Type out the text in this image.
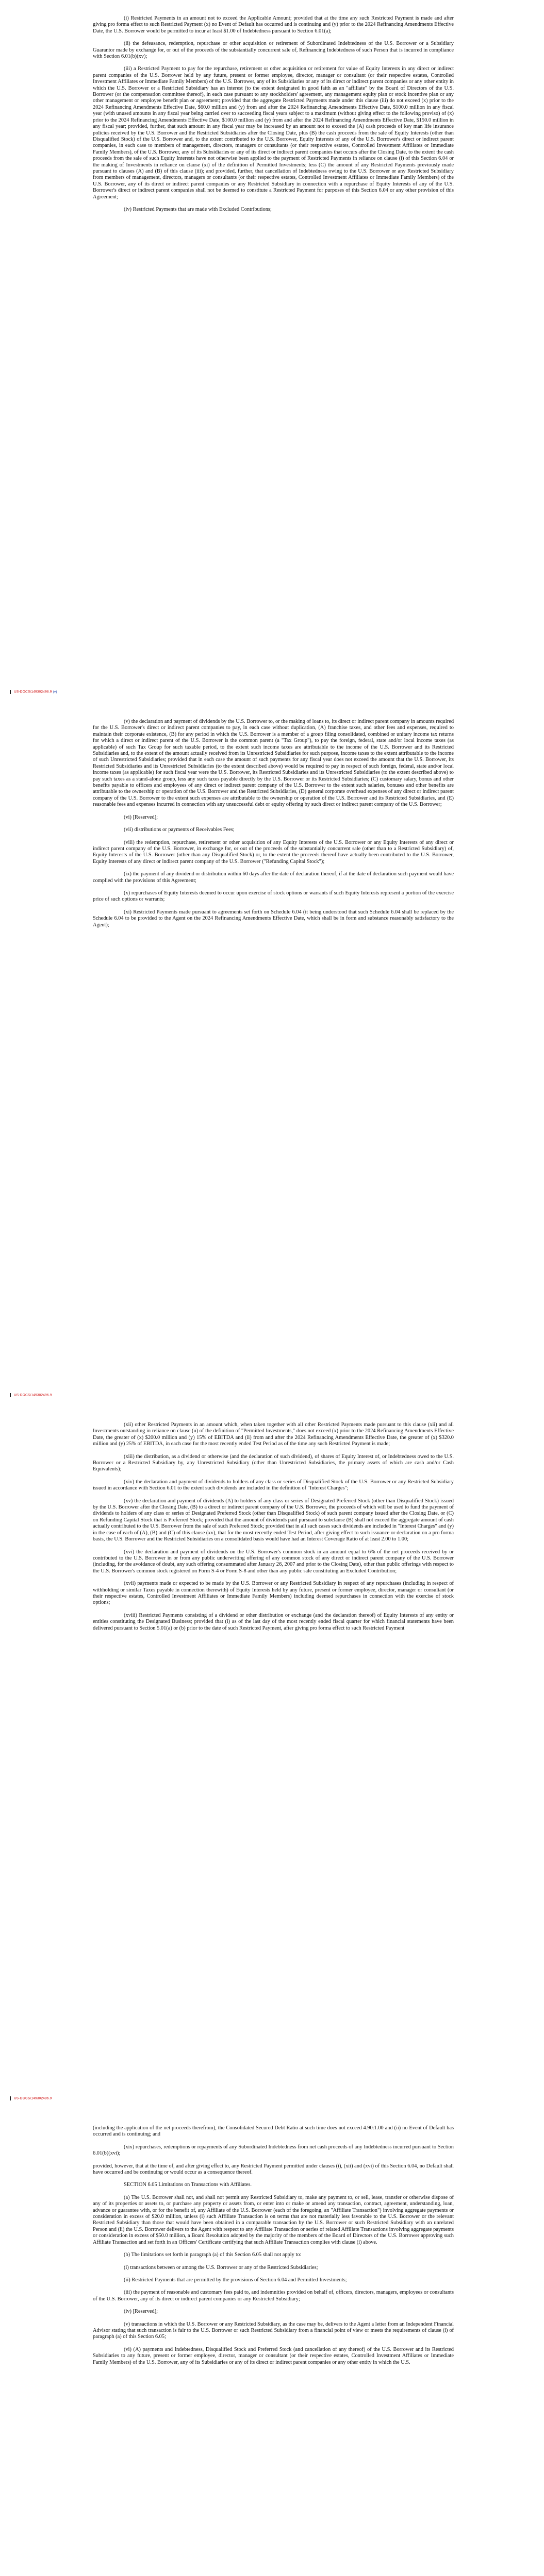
(i) Restricted Payments in an amount not to exceed the Applicable Amount; provided that at the time any such Restricted Payment is made and after giving pro forma effect to such Restricted Payment (x) no Event of Default has occurred and is continuing and (y) prior to the 2024 Refinancing Amendments Effective Date, the U.S. Borrower would be permitted to incur at least $1.00 of Indebtedness pursuant to Section 6.01(a);

(ii) the defeasance, redemption, repurchase or other acquisition or retirement of Subordinated Indebtedness of the U.S. Borrower or a Subsidiary Guarantor made by exchange for, or out of the proceeds of the substantially concurrent sale of, Refinancing Indebtedness of such Person that is incurred in compliance with Section 6.01(b)(xv);

(iii) a Restricted Payment to pay for the repurchase, retirement or other acquisition or retirement for value of Equity Interests in any direct or indirect parent companies of the U.S. Borrower held by any future, present or former employee, director, manager or consultant (or their respective estates, Controlled Investment Affiliates or Immediate Family Members) of the U.S. Borrower, any of its Subsidiaries or any of its direct or indirect parent companies or any other entity in which the U.S. Borrower or a Restricted Subsidiary has an interest (to the extent designated in good faith as an "affiliate" by the Board of Directors of the U.S. Borrower (or the compensation committee thereof), in each case pursuant to any stockholders' agreement, any management equity plan or stock incentive plan or any other management or employee benefit plan or agreement; provided that the aggregate Restricted Payments made under this clause (iii) do not exceed (x) prior to the 2024 Refinancing Amendments Effective Date, $60.0 million and (y) from and after the 2024 Refinancing Amendments Effective Date, $100.0 million in any fiscal year (with unused amounts in any fiscal year being carried over to succeeding fiscal years subject to a maximum (without giving effect to the following proviso) of (x) prior to the 2024 Refinancing Amendments Effective Date, $100.0 million and (y) from and after the 2024 Refinancing Amendments Effective Date, $150.0 million in any fiscal year; provided, further, that such amount in any fiscal year may be increased by an amount not to exceed the (A) cash proceeds of key man life insurance policies received by the U.S. Borrower and the Restricted Subsidiaries after the Closing Date, plus (B) the cash proceeds from the sale of Equity Interests (other than Disqualified Stock) of the U.S. Borrower and, to the extent contributed to the U.S. Borrower, Equity Interests of any of the U.S. Borrower's direct or indirect parent companies, in each case to members of management, directors, managers or consultants (or their respective estates, Controlled Investment Affiliates or Immediate Family Members), of the U.S. Borrower, any of its Subsidiaries or any of its direct or indirect parent companies that occurs after the Closing Date, to the extent the cash proceeds from the sale of such Equity Interests have not otherwise been applied to the payment of Restricted Payments in reliance on clause (i) of this Section 6.04 or the making of Investments in reliance on clause (xi) of the definition of Permitted Investments; less (C) the amount of any Restricted Payments previously made pursuant to clauses (A) and (B) of this clause (iii); and provided, further, that cancellation of Indebtedness owing to the U.S. Borrower or any Restricted Subsidiary from members of management, directors, managers or consultants (or their respective estates, Controlled Investment Affiliates or Immediate Family Members) of the U.S. Borrower, any of its direct or indirect parent companies or any Restricted Subsidiary in connection with a repurchase of Equity Interests of any of the U.S. Borrower's direct or indirect parent companies shall not be deemed to constitute a Restricted Payment for purposes of this Section 6.04 or any other provision of this Agreement;

(iv) Restricted Payments that are made with Excluded Contributions;

US-DOCS\149302496.9 (v)

(v) the declaration and payment of dividends by the U.S. Borrower to, or the making of loans to, its direct or indirect parent company in amounts required for the U.S. Borrower's direct or indirect parent companies to pay, in each case without duplication, (A) franchise taxes, and other fees and expenses, required to maintain their corporate existence, (B) for any period in which the U.S. Borrower is a member of a group filing consolidated, combined or unitary income tax returns for which a direct or indirect parent of the U.S. Borrower is the common parent (a "Tax Group"), to pay the foreign, federal, state and/or local income taxes (as applicable) of such Tax Group for such taxable period, to the extent such income taxes are attributable to the income of the U.S. Borrower and its Restricted Subsidiaries and, to the extent of the amount actually received from its Unrestricted Subsidiaries for such purpose, income taxes to the extent attributable to the income of such Unrestricted Subsidiaries; provided that in each case the amount of such payments for any fiscal year does not exceed the amount that the U.S. Borrower, its Restricted Subsidiaries and its Unrestricted Subsidiaries (to the extent described above) would be required to pay in respect of such foreign, federal, state and/or local income taxes (as applicable) for such fiscal year were the U.S. Borrower, its Restricted Subsidiaries and its Unrestricted Subsidiaries (to the extent described above) to pay such taxes as a stand-alone group, less any such taxes payable directly by the U.S. Borrower or its Restricted Subsidiaries; (C) customary salary, bonus and other benefits payable to officers and employees of any direct or indirect parent company of the U.S. Borrower to the extent such salaries, bonuses and other benefits are attributable to the ownership or operation of the U.S. Borrower and the Restricted Subsidiaries, (D) general corporate overhead expenses of any direct or indirect parent company of the U.S. Borrower to the extent such expenses are attributable to the ownership or operation of the U.S. Borrower and its Restricted Subsidiaries, and (E) reasonable fees and expenses incurred in connection with any unsuccessful debt or equity offering by such direct or indirect parent company of the U.S. Borrower;

(vi) [Reserved];

(vii) distributions or payments of Receivables Fees;

(viii) the redemption, repurchase, retirement or other acquisition of any Equity Interests of the U.S. Borrower or any Equity Interests of any direct or indirect parent company of the U.S. Borrower, in exchange for, or out of the proceeds of the substantially concurrent sale (other than to a Restricted Subsidiary) of, Equity Interests of the U.S. Borrower (other than any Disqualified Stock) or, to the extent the proceeds thereof have actually been contributed to the U.S. Borrower, Equity Interests of any direct or indirect parent company of the U.S. Borrower ("Refunding Capital Stock");

(ix) the payment of any dividend or distribution within 60 days after the date of declaration thereof, if at the date of declaration such payment would have complied with the provisions of this Agreement;

(x) repurchases of Equity Interests deemed to occur upon exercise of stock options or warrants if such Equity Interests represent a portion of the exercise price of such options or warrants;

(xi) Restricted Payments made pursuant to agreements set forth on Schedule 6.04 (it being understood that such Schedule 6.04 shall be replaced by the Schedule 6.04 to be provided to the Agent on the 2024 Refinancing Amendments Effective Date, which shall be in form and substance reasonably satisfactory to the Agent);

US-DOCS\149302496.9

(xii) other Restricted Payments in an amount which, when taken together with all other Restricted Payments made pursuant to this clause (xii) and all Investments outstanding in reliance on clause (u) of the definition of "Permitted Investments," does not exceed (x) prior to the 2024 Refinancing Amendments Effective Date, the greater of (x) $200.0 million and (y) 15% of EBITDA and (ii) from and after the 2024 Refinancing Amendments Effective Date, the greater of (x) $320.0 million and (y) 25% of EBITDA, in each case for the most recently ended Test Period as of the time any such Restricted Payment is made;

(xiii) the distribution, as a dividend or otherwise (and the declaration of such dividend), of shares of Equity Interest of, or Indebtedness owed to the U.S. Borrower or a Restricted Subsidiary by, any Unrestricted Subsidiary (other than Unrestricted Subsidiaries, the primary assets of which are cash and/or Cash Equivalents);

(xiv) the declaration and payment of dividends to holders of any class or series of Disqualified Stock of the U.S. Borrower or any Restricted Subsidiary issued in accordance with Section 6.01 to the extent such dividends are included in the definition of "Interest Charges";

(xv) the declaration and payment of dividends (A) to holders of any class or series of Designated Preferred Stock (other than Disqualified Stock) issued by the U.S. Borrower after the Closing Date, (B) to a direct or indirect parent company of the U.S. Borrower, the proceeds of which will be used to fund the payment of dividends to holders of any class or series of Designated Preferred Stock (other than Disqualified Stock) of such parent company issued after the Closing Date, or (C) on Refunding Capital Stock that is Preferred Stock; provided that the amount of dividends paid pursuant to subclause (B) shall not exceed the aggregate amount of cash actually contributed to the U.S. Borrower from the sale of such Preferred Stock; provided that in all such cases such dividends are included in "Interest Charges" and (y) in the case of each of (A), (B) and (C) of this clause (xv), that for the most recently ended Test Period, after giving effect to such issuance or declaration on a pro forma basis, the U.S. Borrower and the Restricted Subsidiaries on a consolidated basis would have had an Interest Coverage Ratio of at least 2.00 to 1.00;

(xvi) the declaration and payment of dividends on the U.S. Borrower's common stock in an amount equal to 6% of the net proceeds received by or contributed to the U.S. Borrower in or from any public underwriting offering of any common stock of any direct or indirect parent company of the U.S. Borrower (including, for the avoidance of doubt, any such offering consummated after January 26, 2007 and prior to the Closing Date), other than public offerings with respect to the U.S. Borrower's common stock registered on Form S-4 or Form S-8 and other than any public sale constituting an Excluded Contribution;

(xvii) payments made or expected to be made by the U.S. Borrower or any Restricted Subsidiary in respect of any repurchases (including in respect of withholding or similar Taxes payable in connection therewith) of Equity Interests held by any future, present or former employee, director, manager or consultant (or their respective estates, Controlled Investment Affiliates or Immediate Family Members) including deemed repurchases in connection with the exercise of stock options;

(xviii) Restricted Payments consisting of a dividend or other distribution or exchange (and the declaration thereof) of Equity Interests of any entity or entities constituting the Designated Business; provided that (i) as of the last day of the most recently ended fiscal quarter for which financial statements have been delivered pursuant to Section 5.01(a) or (b) prior to the date of such Restricted Payment, after giving pro forma effect to such Restricted Payment

US-DOCS\149302496.9

(including the application of the net proceeds therefrom), the Consolidated Secured Debt Ratio at such time does not exceed 4.90:1.00 and (ii) no Event of Default has occurred and is continuing; and

(xix) repurchases, redemptions or repayments of any Subordinated Indebtedness from net cash proceeds of any Indebtedness incurred pursuant to Section 6.01(b)(xvi);

provided, however, that at the time of, and after giving effect to, any Restricted Payment permitted under clauses (i), (xii) and (xvi) of this Section 6.04, no Default shall have occurred and be continuing or would occur as a consequence thereof.

SECTION 6.05 Limitations on Transactions with Affiliates.

(a) The U.S. Borrower shall not, and shall not permit any Restricted Subsidiary to, make any payment to, or sell, lease, transfer or otherwise dispose of any of its properties or assets to, or purchase any property or assets from, or enter into or make or amend any transaction, contract, agreement, understanding, loan, advance or guarantee with, or for the benefit of, any Affiliate of the U.S. Borrower (each of the foregoing, an "Affiliate Transaction") involving aggregate payments or consideration in excess of $20.0 million, unless (i) such Affiliate Transaction is on terms that are not materially less favorable to the U.S. Borrower or the relevant Restricted Subsidiary than those that would have been obtained in a comparable transaction by the U.S. Borrower or such Restricted Subsidiary with an unrelated Person and (ii) the U.S. Borrower delivers to the Agent with respect to any Affiliate Transaction or series of related Affiliate Transactions involving aggregate payments or consideration in excess of $50.0 million, a Board Resolution adopted by the majority of the members of the Board of Directors of the U.S. Borrower approving such Affiliate Transaction and set forth in an Officers' Certificate certifying that such Affiliate Transaction complies with clause (i) above.

(b) The limitations set forth in paragraph (a) of this Section 6.05 shall not apply to:

(i) transactions between or among the U.S. Borrower or any of the Restricted Subsidiaries;

(ii) Restricted Payments that are permitted by the provisions of Section 6.04 and Permitted Investments;

(iii) the payment of reasonable and customary fees paid to, and indemnities provided on behalf of, officers, directors, managers, employees or consultants of the U.S. Borrower, any of its direct or indirect parent companies or any Restricted Subsidiary;

(iv) [Reserved];

(v) transactions in which the U.S. Borrower or any Restricted Subsidiary, as the case may be, delivers to the Agent a letter from an Independent Financial Advisor stating that such transaction is fair to the U.S. Borrower or such Restricted Subsidiary from a financial point of view or meets the requirements of clause (i) of paragraph (a) of this Section 6.05;

(vi) (A) payments and Indebtedness, Disqualified Stock and Preferred Stock (and cancellation of any thereof) of the U.S. Borrower and its Restricted Subsidiaries to any future, present or former employee, director, manager or consultant (or their respective estates, Controlled Investment Affiliates or Immediate Family Members) of the U.S. Borrower, any of its Subsidiaries or any of its direct or indirect parent companies or any other entity in which the U.S.
